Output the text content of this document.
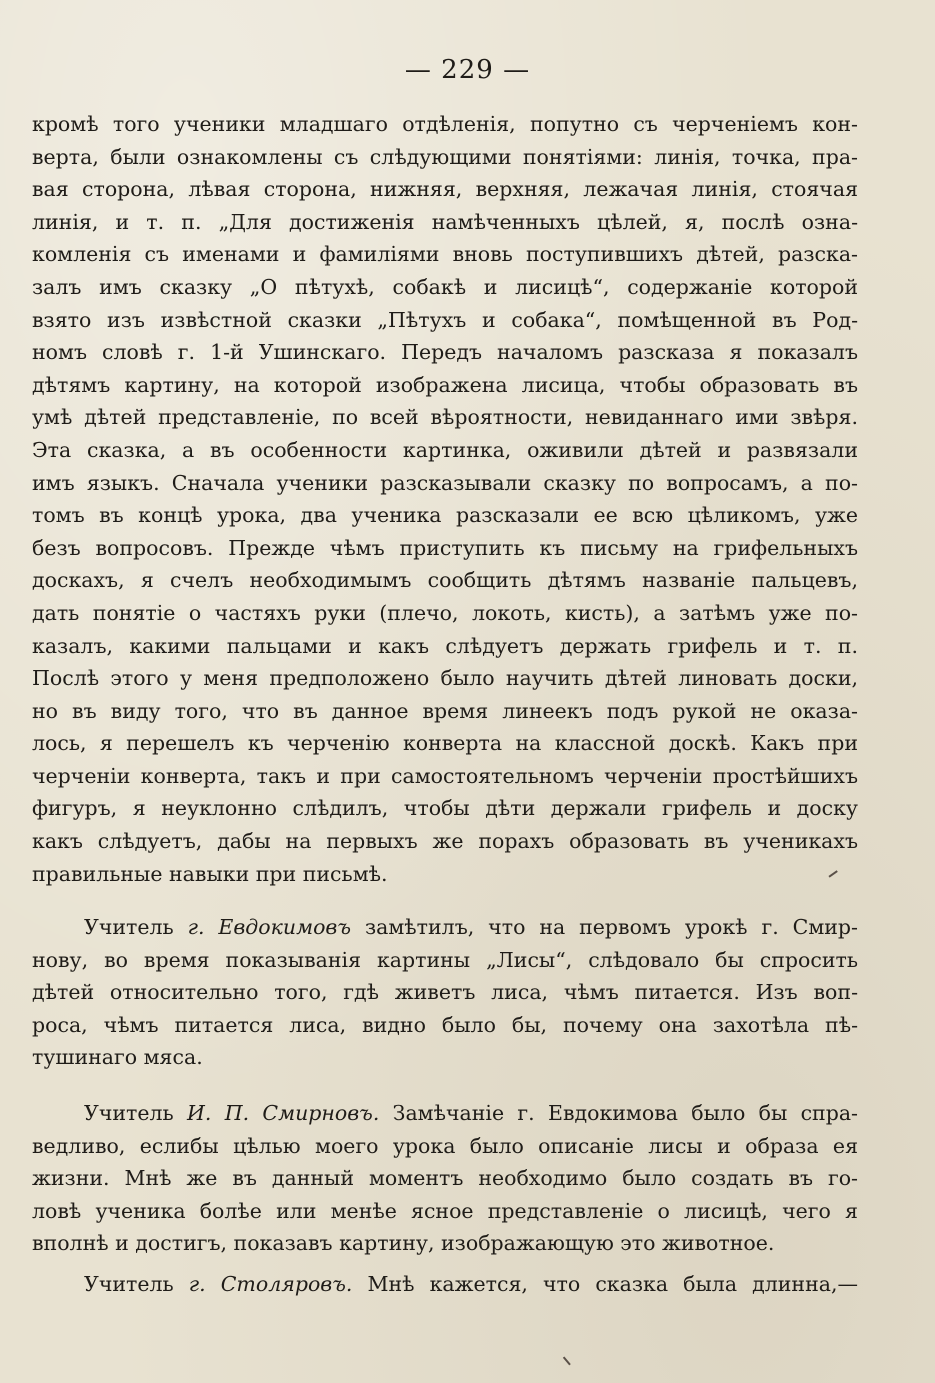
— 229 —
кромѣ того ученики младшаго отдѣленія, попутно съ черченіемъ кон-
верта, были ознакомлены съ слѣдующими понятіями: линія, точка, пра-
вая сторона, лѣвая сторона, нижняя, верхняя, лежачая линія, стоячая
линія, и т. п. „Для достиженія намѣченныхъ цѣлей, я, послѣ озна-
комленія съ именами и фамиліями вновь поступившихъ дѣтей, разска-
залъ имъ сказку „О пѣтухѣ, собакѣ и лисицѣ“, содержаніе которой
взято изъ извѣстной сказки „Пѣтухъ и собака“, помѣщенной въ Род-
номъ словѣ г. 1-й Ушинскаго. Передъ началомъ разсказа я показалъ
дѣтямъ картину, на которой изображена лисица, чтобы образовать въ
умѣ дѣтей представленіе, по всей вѣроятности, невиданнаго ими звѣря.
Эта сказка, а въ особенности картинка, оживили дѣтей и развязали
имъ языкъ. Сначала ученики разсказывали сказку по вопросамъ, а по-
томъ въ концѣ урока, два ученика разсказали ее всю цѣликомъ, уже
безъ вопросовъ. Прежде чѣмъ приступить къ письму на грифельныхъ
доскахъ, я счелъ необходимымъ сообщить дѣтямъ названіе пальцевъ,
дать понятіе о частяхъ руки (плечо, локоть, кисть), а затѣмъ уже по-
казалъ, какими пальцами и какъ слѣдуетъ держать грифель и т. п.
Послѣ этого у меня предположено было научить дѣтей линовать доски,
но въ виду того, что въ данное время линеекъ подъ рукой не оказа-
лось, я перешелъ къ черченію конверта на классной доскѣ. Какъ при
черченіи конверта, такъ и при самостоятельномъ черченіи простѣйшихъ
фигуръ, я неуклонно слѣдилъ, чтобы дѣти держали грифель и доску
какъ слѣдуетъ, дабы на первыхъ же порахъ образовать въ ученикахъ
правильные навыки при письмѣ.
Учитель г. Евдокимовъ замѣтилъ, что на первомъ урокѣ г. Смир-
нову, во время показыванія картины „Лисы“, слѣдовало бы спросить
дѣтей относительно того, гдѣ живетъ лиса, чѣмъ питается. Изъ воп-
роса, чѣмъ питается лиса, видно было бы, почему она захотѣла пѣ-
тушинаго мяса.
Учитель И. П. Смирновъ. Замѣчаніе г. Евдокимова было бы спра-
ведливо, еслибы цѣлью моего урока было описаніе лисы и образа ея
жизни. Мнѣ же въ данный моментъ необходимо было создать въ го-
ловѣ ученика болѣе или менѣе ясное представленіе о лисицѣ, чего я
вполнѣ и достигъ, показавъ картину, изображающую это животное.
Учитель г. Столяровъ. Мнѣ кажется, что сказка была длинна,—
